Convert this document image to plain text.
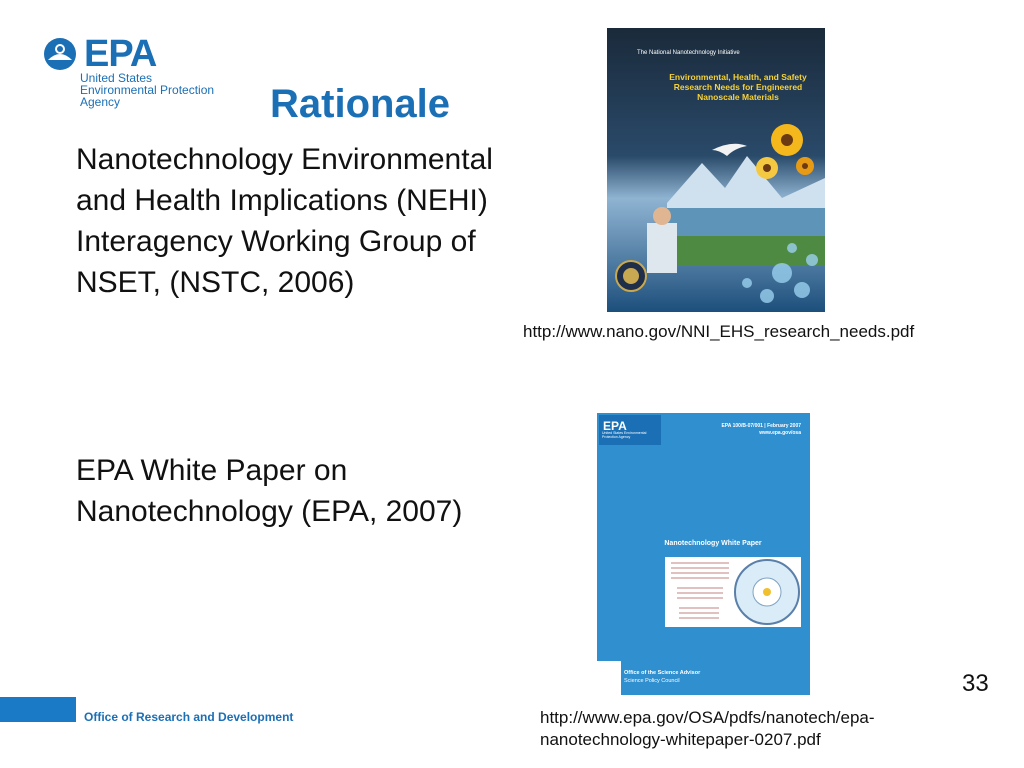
EPA
United States
Environmental Protection
Agency	Rationale
Nanotechnology Environmental and Health Implications (NEHI) Interagency Working Group of NSET, (NSTC, 2006)
EPA White Paper on Nanotechnology (EPA, 2007)
The National Nanotechnology Initiative
Environmental, Health, and Safety Research Needs for Engineered Nanoscale Materials
http://www.nano.gov/NNI_EHS_research_needs.pdf
EPA
United States Environmental Protection Agency
EPA 100/B-07/001 | February 2007
www.epa.gov/osa
Nanotechnology White Paper
Office of the Science Advisor
Science Policy Council	33
Office of Research and Development	http://www.epa.gov/OSA/pdfs/nanotech/epa-nanotechnology-whitepaper-0207.pdf
